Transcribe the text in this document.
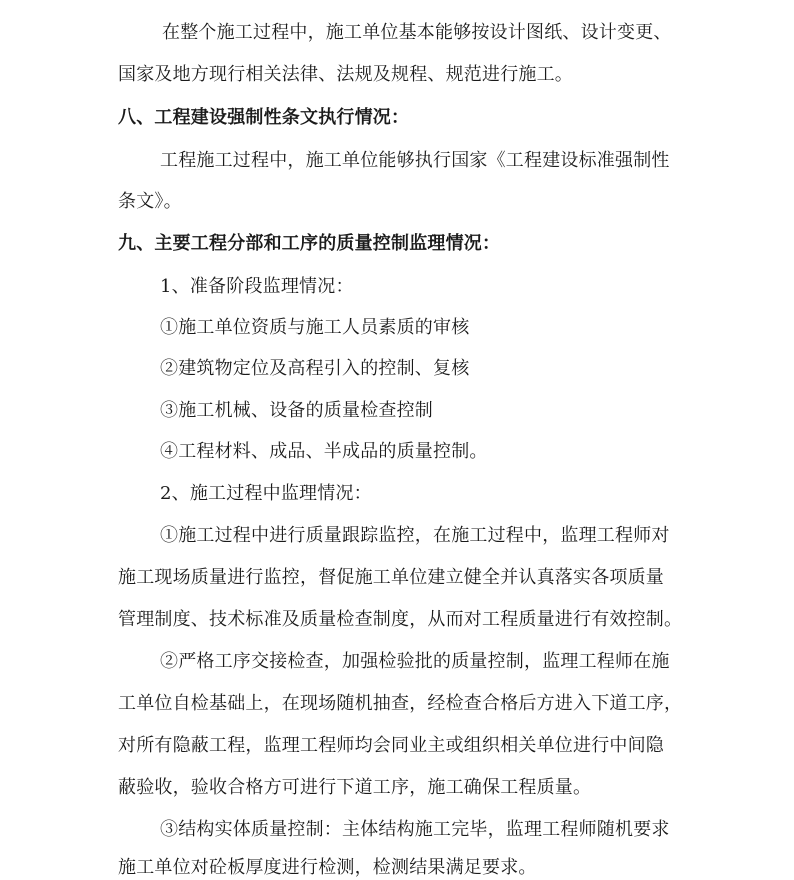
在整个施工过程中，施工单位基本能够按设计图纸、设计变更、
国家及地方现行相关法律、法规及规程、规范进行施工。
八、工程建设强制性条文执行情况：
工程施工过程中，施工单位能够执行国家《工程建设标准强制性
条文》。
九、主要工程分部和工序的质量控制监理情况：
1、准备阶段监理情况：
①施工单位资质与施工人员素质的审核
②建筑物定位及高程引入的控制、复核
③施工机械、设备的质量检查控制
④工程材料、成品、半成品的质量控制。
2、施工过程中监理情况：
①施工过程中进行质量跟踪监控，在施工过程中，监理工程师对
施工现场质量进行监控，督促施工单位建立健全并认真落实各项质量
管理制度、技术标准及质量检查制度，从而对工程质量进行有效控制。
②严格工序交接检查，加强检验批的质量控制，监理工程师在施
工单位自检基础上，在现场随机抽查，经检查合格后方进入下道工序，
对所有隐蔽工程，监理工程师均会同业主或组织相关单位进行中间隐
蔽验收，验收合格方可进行下道工序，施工确保工程质量。
③结构实体质量控制：主体结构施工完毕，监理工程师随机要求
施工单位对砼板厚度进行检测，检测结果满足要求。
